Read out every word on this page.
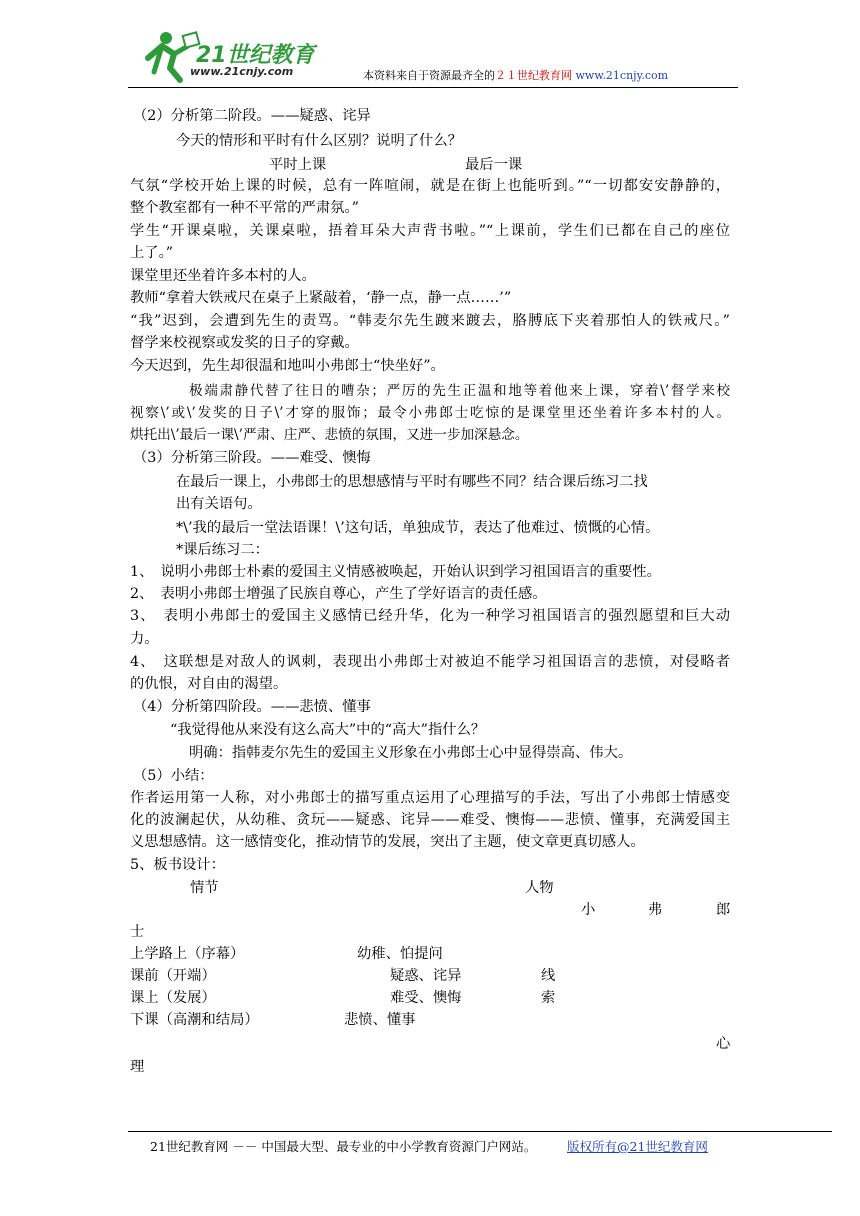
21世纪教育
www.21cnjy.com	本资料来自于资源最齐全的２１世纪教育网 www.21cnjy.com
（2）分析第二阶段。——疑惑、诧异
今天的情形和平时有什么区别？说明了什么？
平时上课	最后一课
气氛“学校开始上课的时候，总有一阵喧闹，就是在街上也能听到。”“一切都安安静静的，
整个教室都有一种不平常的严肃氛。”
学生“开课桌啦，关课桌啦，捂着耳朵大声背书啦。”“上课前，学生们已都在自己的座位
上了。”
课堂里还坐着许多本村的人。
教师“拿着大铁戒尺在桌子上紧敲着，‘静一点，静一点……’”
“我”迟到，会遭到先生的责骂。“韩麦尔先生踱来踱去，胳膊底下夹着那怕人的铁戒尺。”
督学来校视察或发奖的日子的穿戴。
今天迟到，先生却很温和地叫小弗郎士“快坐好”。
极端肃静代替了往日的嘈杂；严厉的先生正温和地等着他来上课，穿着\’督学来校
视察\’或\’发奖的日子\’才穿的服饰；最令小弗郎士吃惊的是课堂里还坐着许多本村的人。
烘托出\’最后一课\’严肃、庄严、悲愤的氛围，又进一步加深悬念。
（3）分析第三阶段。——难受、懊悔
在最后一课上，小弗郎士的思想感情与平时有哪些不同？结合课后练习二找
出有关语句。
*\’我的最后一堂法语课！\’这句话，单独成节，表达了他难过、愤慨的心情。
*课后练习二：
1、　说明小弗郎士朴素的爱国主义情感被唤起，开始认识到学习祖国语言的重要性。
2、　表明小弗郎士增强了民族自尊心，产生了学好语言的责任感。
3、　表明小弗郎士的爱国主义感情已经升华，化为一种学习祖国语言的强烈愿望和巨大动
力。
4、　这联想是对敌人的讽刺，表现出小弗郎士对被迫不能学习祖国语言的悲愤，对侵略者
的仇恨，对自由的渴望。
（4）分析第四阶段。——悲愤、懂事
“我觉得他从来没有这么高大”中的“高大”指什么？
明确：指韩麦尔先生的爱国主义形象在小弗郎士心中显得崇高、伟大。
（5）小结：
作者运用第一人称，对小弗郎士的描写重点运用了心理描写的手法，写出了小弗郎士情感变
化的波澜起伏，从幼稚、贪玩——疑惑、诧异——难受、懊悔——悲愤、懂事，充满爱国主
义思想感情。这一感情变化，推动情节的发展，突出了主题，使文章更真切感人。
5、板书设计：
情节	人物
小	弗	郎
士
上学路上（序幕）	幼稚、怕提问
课前（开端）	疑惑、诧异	线
课上（发展）	难受、懊悔	索
下课（高潮和结局）	悲愤、懂事
心
理
21世纪教育网 －－ 中国最大型、最专业的中小学教育资源门户网站。 版权所有@21世纪教育网
